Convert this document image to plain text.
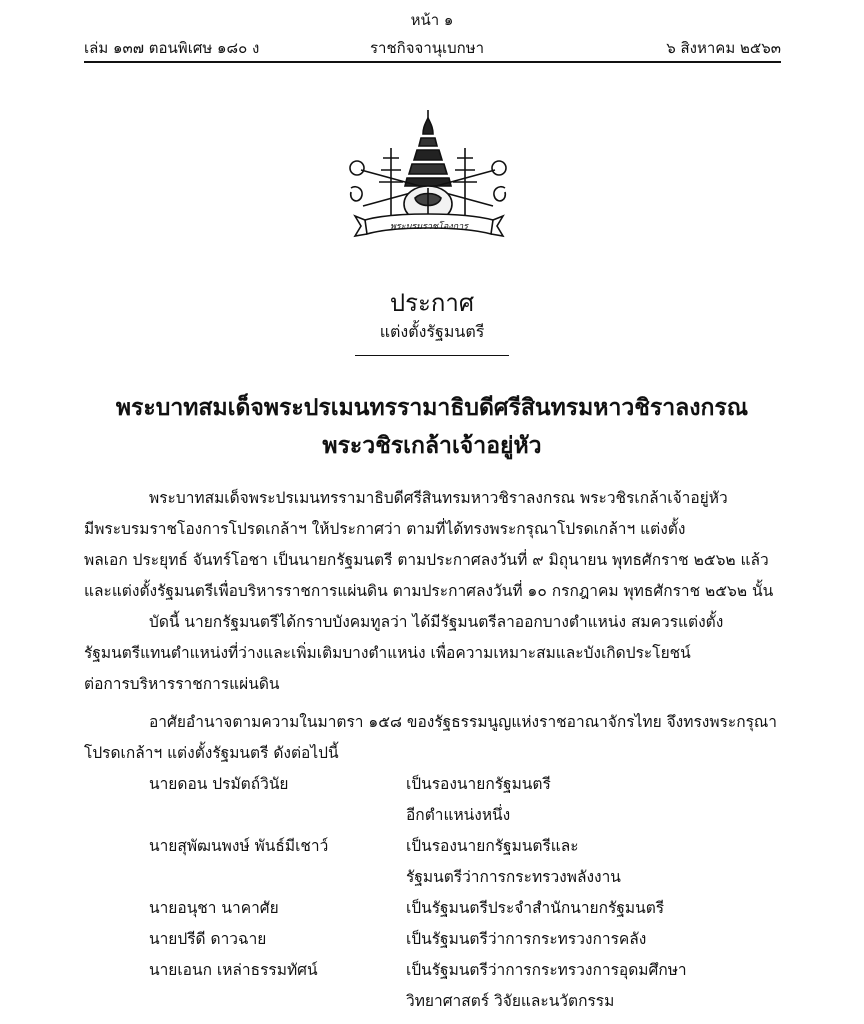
หน้า ๑
เล่ม ๑๓๗ ตอนพิเศษ ๑๘๐ ง	ราชกิจจานุเบกษา	๖ สิงหาคม ๒๕๖๓
พระบรมราชโองการ
ประกาศ
แต่งตั้งรัฐมนตรี
พระบาทสมเด็จพระปรเมนทรรามาธิบดีศรีสินทรมหาวชิราลงกรณ
พระวชิรเกล้าเจ้าอยู่หัว
พระบาทสมเด็จพระปรเมนทรรามาธิบดีศรีสินทรมหาวชิราลงกรณ พระวชิรเกล้าเจ้าอยู่หัว
มีพระบรมราชโองการโปรดเกล้าฯ ให้ประกาศว่า ตามที่ได้ทรงพระกรุณาโปรดเกล้าฯ แต่งตั้ง
พลเอก ประยุทธ์ จันทร์โอชา เป็นนายกรัฐมนตรี ตามประกาศลงวันที่ ๙ มิถุนายน พุทธศักราช ๒๕๖๒ แล้ว
และแต่งตั้งรัฐมนตรีเพื่อบริหารราชการแผ่นดิน ตามประกาศลงวันที่ ๑๐ กรกฎาคม พุทธศักราช ๒๕๖๒ นั้น
บัดนี้ นายกรัฐมนตรีได้กราบบังคมทูลว่า ได้มีรัฐมนตรีลาออกบางตำแหน่ง สมควรแต่งตั้ง
รัฐมนตรีแทนตำแหน่งที่ว่างและเพิ่มเติมบางตำแหน่ง เพื่อความเหมาะสมและบังเกิดประโยชน์
ต่อการบริหารราชการแผ่นดิน
อาศัยอำนาจตามความในมาตรา ๑๕๘ ของรัฐธรรมนูญแห่งราชอาณาจักรไทย จึงทรงพระกรุณา
โปรดเกล้าฯ แต่งตั้งรัฐมนตรี ดังต่อไปนี้
นายดอน ปรมัตถ์วินัย	เป็นรองนายกรัฐมนตรี
อีกตำแหน่งหนึ่ง
นายสุพัฒนพงษ์ พันธ์มีเชาว์	เป็นรองนายกรัฐมนตรีและ
รัฐมนตรีว่าการกระทรวงพลังงาน
นายอนุชา นาคาศัย	เป็นรัฐมนตรีประจำสำนักนายกรัฐมนตรี
นายปรีดี ดาวฉาย	เป็นรัฐมนตรีว่าการกระทรวงการคลัง
นายเอนก เหล่าธรรมทัศน์	เป็นรัฐมนตรีว่าการกระทรวงการอุดมศึกษา
วิทยาศาสตร์ วิจัยและนวัตกรรม
